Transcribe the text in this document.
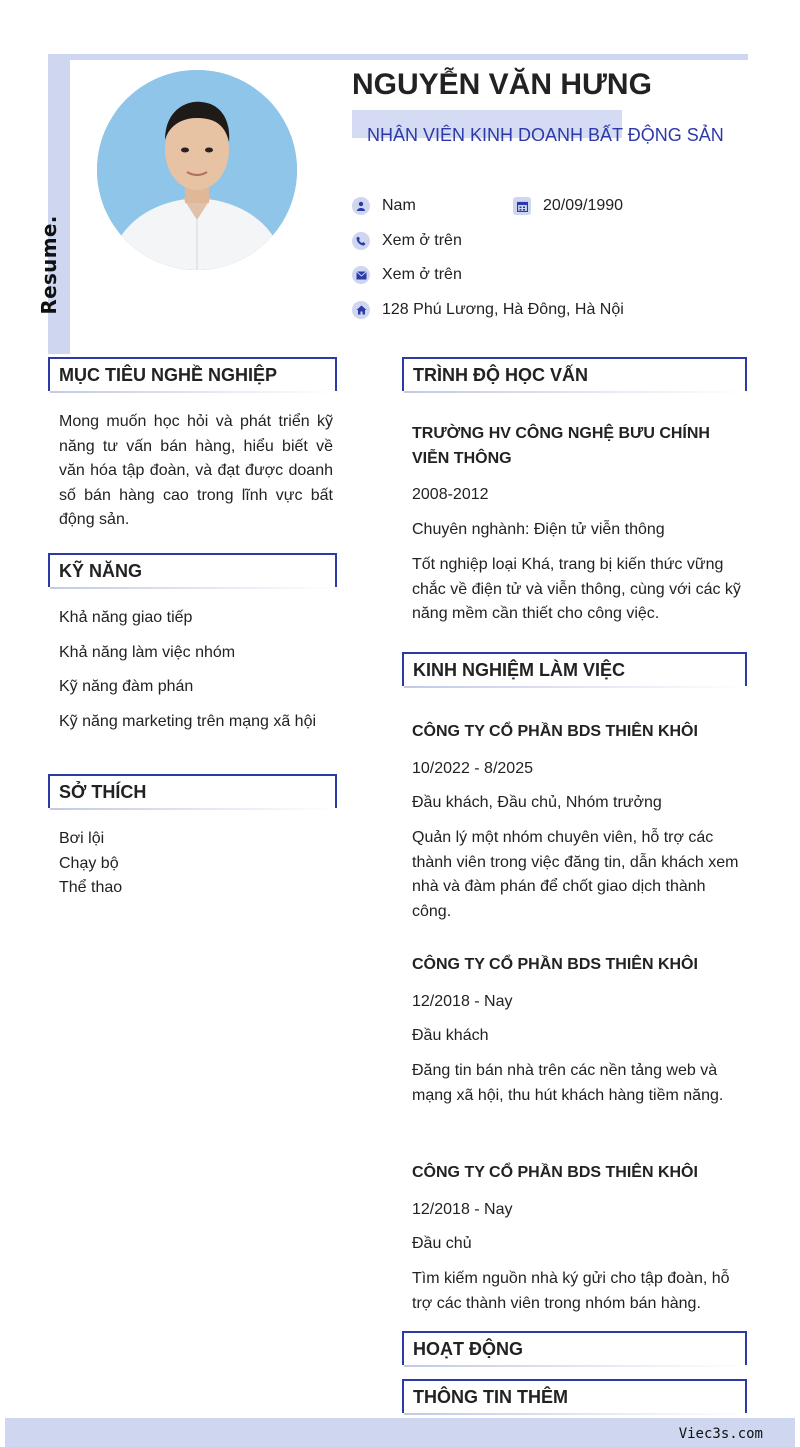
Resume.
NGUYỄN VĂN HƯNG
NHÂN VIÊN KINH DOANH BẤT ĐỘNG SẢN
Nam	20/09/1990
Xem ở trên
Xem ở trên
128 Phú Lương, Hà Đông, Hà Nội
MỤC TIÊU NGHỀ NGHIỆP
Mong muốn học hỏi và phát triển kỹ năng tư vấn bán hàng, hiểu biết về văn hóa tập đoàn, và đạt được doanh số bán hàng cao trong lĩnh vực bất động sản.
KỸ NĂNG
Khả năng giao tiếp
Khả năng làm việc nhóm
Kỹ năng đàm phán
Kỹ năng marketing trên mạng xã hội
SỞ THÍCH
Bơi lội
Chạy bộ
Thể thao
TRÌNH ĐỘ HỌC VẤN
TRƯỜNG HV CÔNG NGHỆ BƯU CHÍNH VIỄN THÔNG
2008-2012
Chuyên nghành: Điện tử viễn thông
Tốt nghiệp loại Khá, trang bị kiến thức vững chắc về điện tử và viễn thông, cùng với các kỹ năng mềm cần thiết cho công việc.
KINH NGHIỆM LÀM VIỆC
CÔNG TY CỔ PHẦN BDS THIÊN KHÔI
10/2022 - 8/2025
Đầu khách, Đầu chủ, Nhóm trưởng
Quản lý một nhóm chuyên viên, hỗ trợ các thành viên trong việc đăng tin, dẫn khách xem nhà và đàm phán để chốt giao dịch thành công.
CÔNG TY CỔ PHẦN BDS THIÊN KHÔI
12/2018 - Nay
Đầu khách
Đăng tin bán nhà trên các nền tảng web và mạng xã hội, thu hút khách hàng tiềm năng.
CÔNG TY CỔ PHẦN BDS THIÊN KHÔI
12/2018 - Nay
Đầu chủ
Tìm kiếm nguồn nhà ký gửi cho tập đoàn, hỗ trợ các thành viên trong nhóm bán hàng.
HOẠT ĐỘNG
THÔNG TIN THÊM
Viec3s.com
